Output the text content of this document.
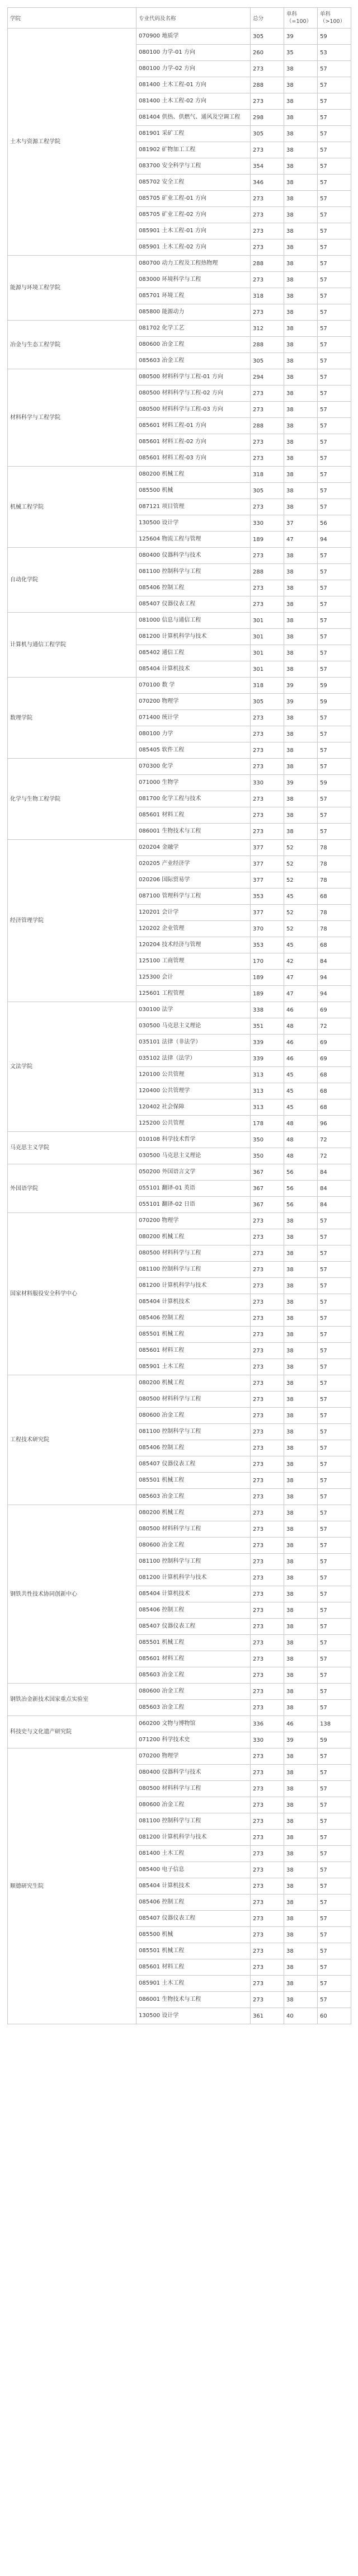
学院	专业代码及名称	总分	单科（=100）	单科（>100）
土木与资源工程学院	070900 地质学	305	39	59
	080100 力学-01 方向	260	35	53
	080100 力学-02 方向	273	38	57
	081400 土木工程-01 方向	288	38	57
	081400 土木工程-02 方向	273	38	57
	081404 供热、供燃气、通风及空调工程	298	38	57
	081901 采矿工程	305	38	57
	081902 矿物加工工程	273	38	57
	083700 安全科学与工程	354	38	57
	085702 安全工程	346	38	57
	085705 矿业工程-01 方向	273	38	57
	085705 矿业工程-02 方向	273	38	57
	085901 土木工程-01 方向	273	38	57
	085901 土木工程-02 方向	273	38	57
能源与环境工程学院	080700 动力工程及工程热物理	288	38	57
	083000 环境科学与工程	273	38	57
	085701 环境工程	318	38	57
	085800 能源动力	273	38	57
冶金与生态工程学院	081702 化学工艺	312	38	57
	080600 冶金工程	288	38	57
	085603 冶金工程	305	38	57
材料科学与工程学院	080500 材料科学与工程-01 方向	294	38	57
	080500 材料科学与工程-02 方向	273	38	57
	080500 材料科学与工程-03 方向	273	38	57
	085601 材料工程-01 方向	288	38	57
	085601 材料工程-02 方向	273	38	57
	085601 材料工程-03 方向	273	38	57
机械工程学院	080200 机械工程	318	38	57
	085500 机械	305	38	57
	087121 项目管理	273	38	57
	130500 设计学	330	37	56
	125604 物流工程与管理	189	47	94
自动化学院	080400 仪器科学与技术	273	38	57
	081100 控制科学与工程	288	38	57
	085406 控制工程	273	38	57
	085407 仪器仪表工程	273	38	57
计算机与通信工程学院	081000 信息与通信工程	301	38	57
	081200 计算机科学与技术	301	38	57
	085402 通信工程	301	38	57
	085404 计算机技术	301	38	57
数理学院	070100 数 学	318	39	59
	070200 物理学	305	39	59
	071400 统计学	273	38	57
	080100 力学	273	38	57
	085405 软件工程	273	38	57
化学与生物工程学院	070300 化学	273	38	57
	071000 生物学	330	39	59
	081700 化学工程与技术	273	38	57
	085601 材料工程	273	38	57
	086001 生物技术与工程	273	38	57
经济管理学院	020204 金融学	377	52	78
	020205 产业经济学	377	52	78
	020206 国际贸易学	377	52	78
	087100 管理科学与工程	353	45	68
	120201 会计学	377	52	78
	120202 企业管理	370	52	78
	120204 技术经济与管理	353	45	68
	125100 工商管理	170	42	84
	125300 会计	189	47	94
	125601 工程管理	189	47	94
文法学院	030100 法学	338	46	69
	030500 马克思主义理论	351	48	72
	035101 法律（非法学）	339	46	69
	035102 法律（法学）	339	46	69
	120100 公共管理	313	45	68
	120400 公共管理学	313	45	68
	120402 社会保障	313	45	68
	125200 公共管理	178	48	96
马克思主义学院	010108 科学技术哲学	350	48	72
	030500 马克思主义理论	350	48	72
外国语学院	050200 外国语言文学	367	56	84
	055101 翻译-01 英语	367	56	84
	055101 翻译-02 日语	367	56	84
国家材料服役安全科学中心	070200 物理学	273	38	57
	080200 机械工程	273	38	57
	080500 材料科学与工程	273	38	57
	081100 控制科学与工程	273	38	57
	081200 计算机科学与技术	273	38	57
	085404 计算机技术	273	38	57
	085406 控制工程	273	38	57
	085501 机械工程	273	38	57
	085601 材料工程	273	38	57
	085901 土木工程	273	38	57
工程技术研究院	080200 机械工程	273	38	57
	080500 材料科学与工程	273	38	57
	080600 冶金工程	273	38	57
	081100 控制科学与工程	273	38	57
	085406 控制工程	273	38	57
	085407 仪器仪表工程	273	38	57
	085501 机械工程	273	38	57
	085603 冶金工程	273	38	57
钢铁共性技术协同创新中心	080200 机械工程	273	38	57
	080500 材料科学与工程	273	38	57
	080600 冶金工程	273	38	57
	081100 控制科学与工程	273	38	57
	081200 计算机科学与技术	273	38	57
	085404 计算机技术	273	38	57
	085406 控制工程	273	38	57
	085407 仪器仪表工程	273	38	57
	085501 机械工程	273	38	57
	085601 材料工程	273	38	57
	085603 冶金工程	273	38	57
钢铁冶金新技术国家重点实验室	080600 冶金工程	273	38	57
	085603 冶金工程	273	38	57
科技史与文化遗产研究院	060200 文物与博物馆	336	46	138
	071200 科学技术史	330	39	59
顺德研究生院	070200 物理学	273	38	57
	080400 仪器科学与技术	273	38	57
	080500 材料科学与工程	273	38	57
	080600 冶金工程	273	38	57
	081100 控制科学与工程	273	38	57
	081200 计算机科学与技术	273	38	57
	081400 土木工程	273	38	57
	085400 电子信息	273	38	57
	085404 计算机技术	273	38	57
	085406 控制工程	273	38	57
	085407 仪器仪表工程	273	38	57
	085500 机械	273	38	57
	085501 机械工程	273	38	57
	085601 材料工程	273	38	57
	085901 土木工程	273	38	57
	086001 生物技术与工程	273	38	57
	130500 设计学	361	40	60
